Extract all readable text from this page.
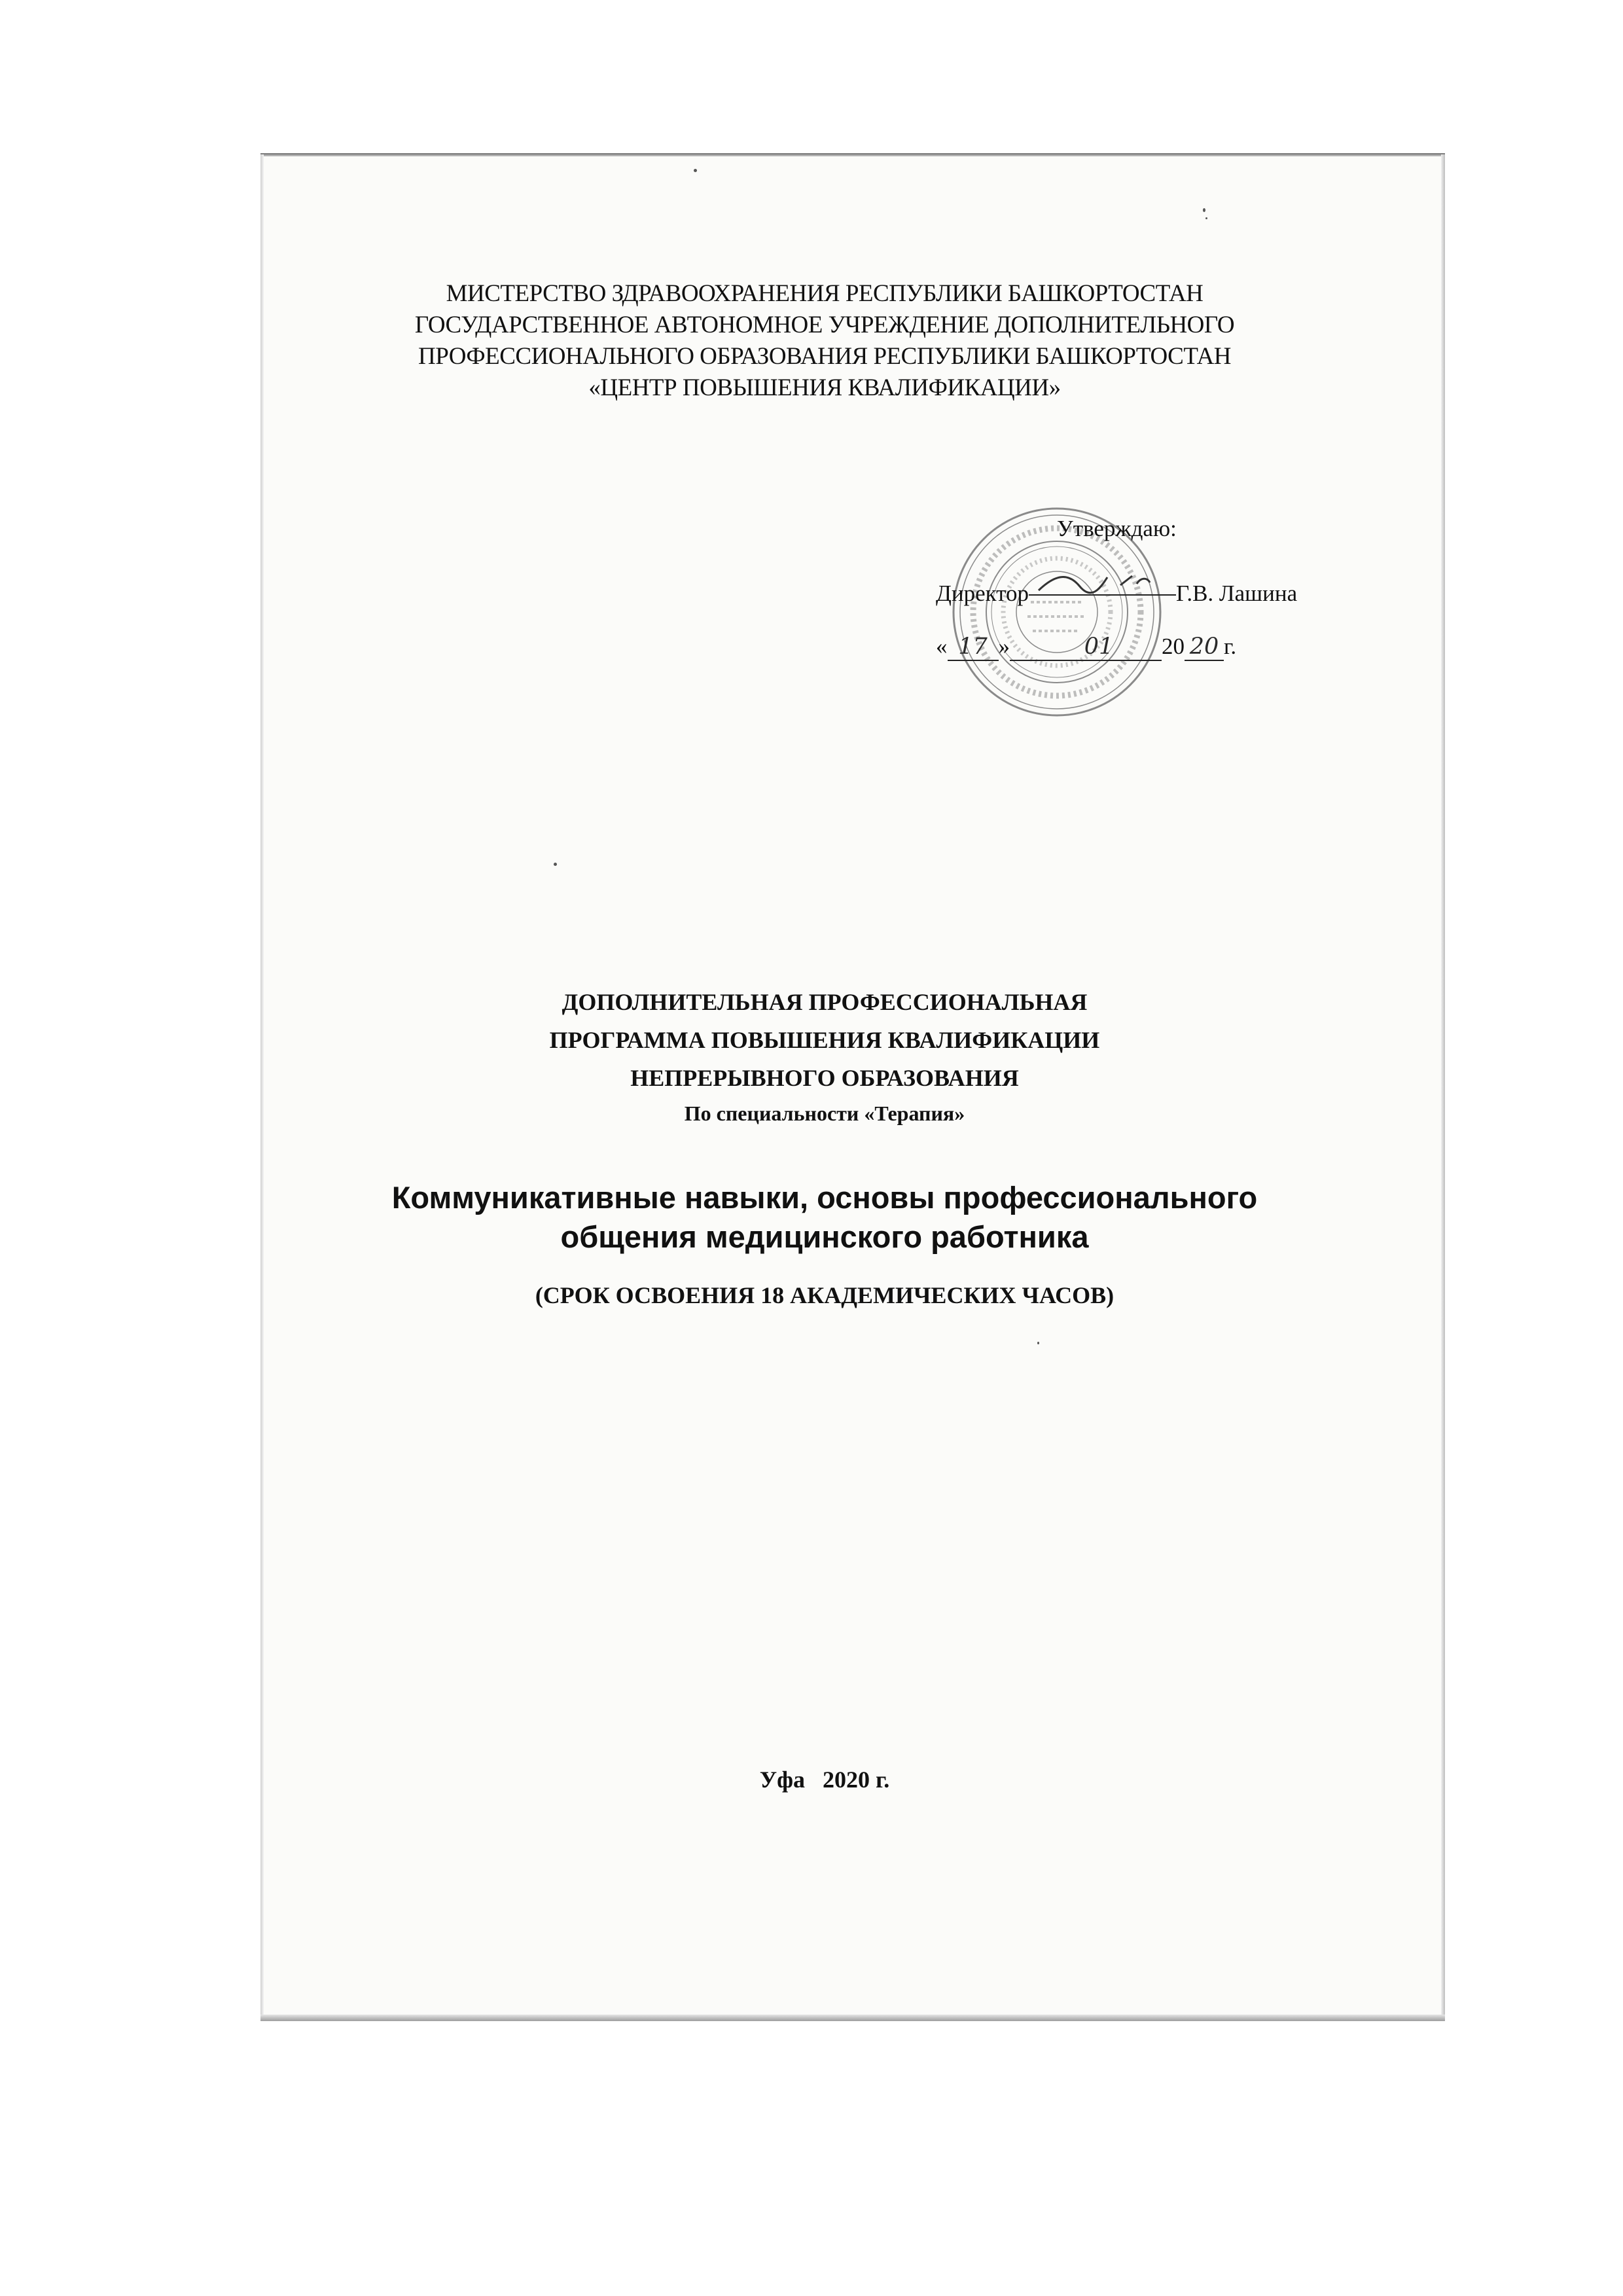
МИСТЕРСТВО ЗДРАВООХРАНЕНИЯ РЕСПУБЛИКИ БАШКОРТОСТАН
ГОСУДАРСТВЕННОЕ АВТОНОМНОЕ УЧРЕЖДЕНИЕ ДОПОЛНИТЕЛЬНОГО
ПРОФЕССИОНАЛЬНОГО ОБРАЗОВАНИЯ РЕСПУБЛИКИ БАШКОРТОСТАН
«ЦЕНТР ПОВЫШЕНИЯ КВАЛИФИКАЦИИ»
Утверждаю:
Директор	Г.В. Лашина
« 17 »	01 20 20 г.
ДОПОЛНИТЕЛЬНАЯ ПРОФЕССИОНАЛЬНАЯ
ПРОГРАММА ПОВЫШЕНИЯ КВАЛИФИКАЦИИ
НЕПРЕРЫВНОГО ОБРАЗОВАНИЯ
По специальности «Терапия»
Коммуникативные навыки, основы профессионального
общения медицинского работника
(СРОК ОСВОЕНИЯ 18 АКАДЕМИЧЕСКИХ ЧАСОВ)
Уфа   2020 г.
